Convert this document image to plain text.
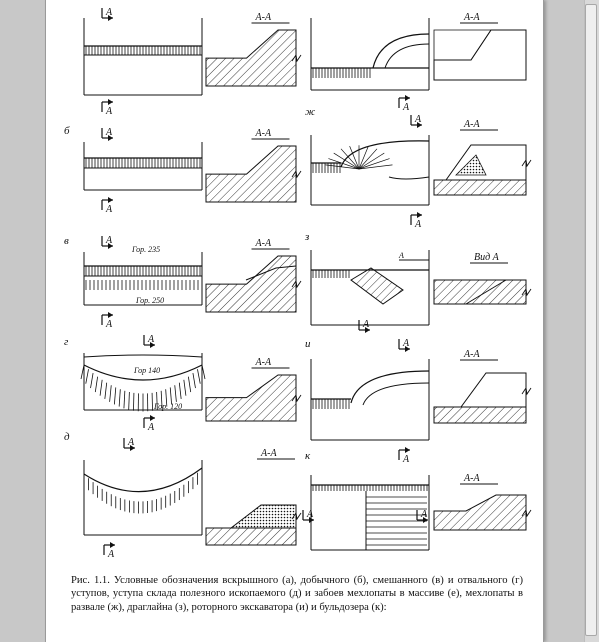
А
А
А-А
б	А
А
А-А
в	А
Гор. 235
Гор. 250
А
А-А
г	А
Гор 140
Гор. 120
А
А-А
д	А
А
А-А
А
А-А
ж
А
А
А-А
з
А
А
Вид А
и	А
А
А-А
к
А	А
А-А
Рис. 1.1. Условные обозначения вскрышного (а), добычного (б), смешанного (в) и отвального (г) уступов, уступа склада полезного ископаемого (д) и забоев мехлопаты в массиве (е), мехлопаты в развале (ж), драглайна (з), роторного экскаватора (и) и бульдозера (к):
